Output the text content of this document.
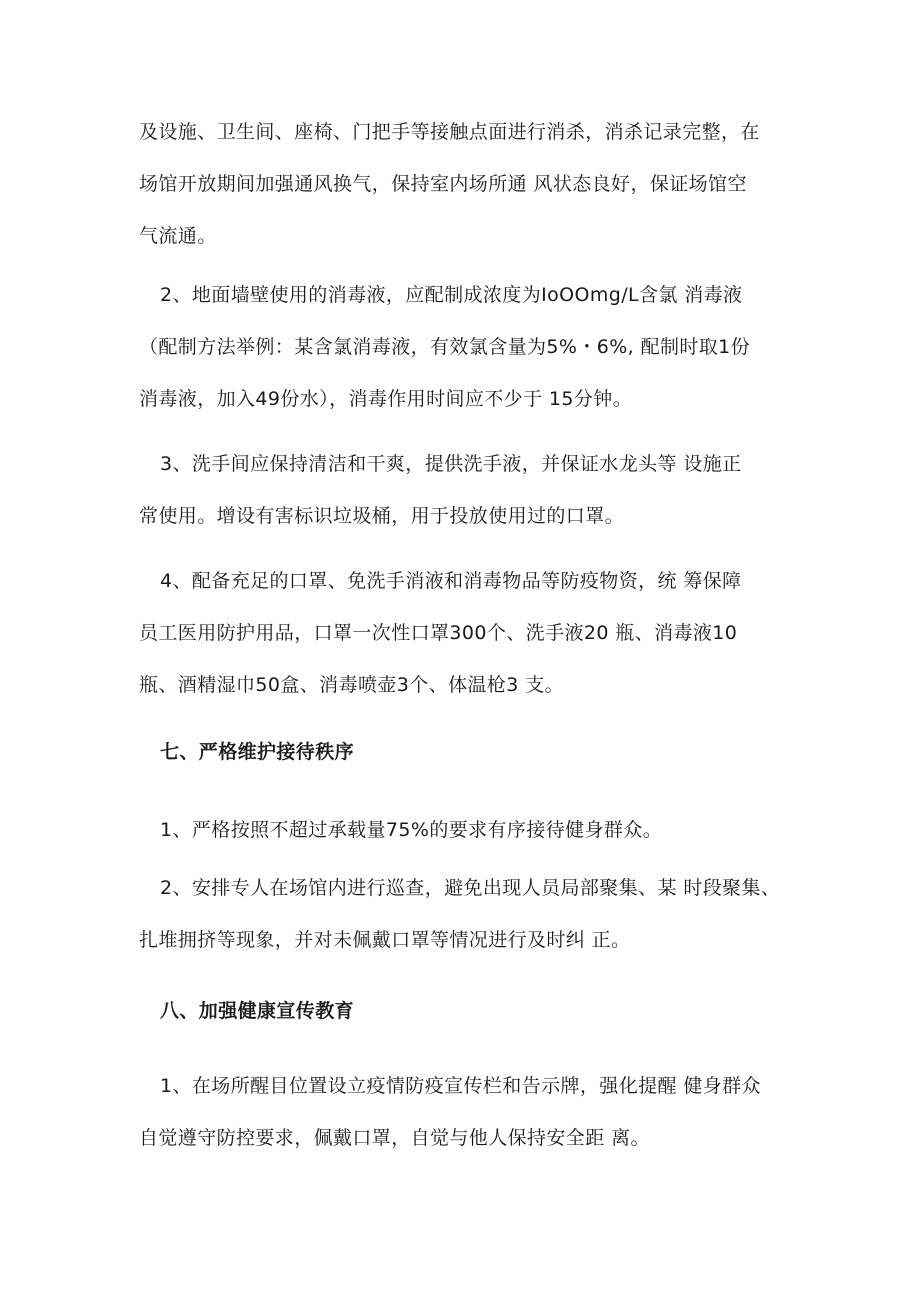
及设施、卫生间、座椅、门把手等接触点面进行消杀，消杀记录完整，在
场馆开放期间加强通风换气，保持室内场所通 风状态良好，保证场馆空
气流通。

2、地面墙壁使用的消毒液，应配制成浓度为IoOOmg/L含氯 消毒液
（配制方法举例：某含氯消毒液，有效氯含量为5%・6%, 配制时取1份
消毒液，加入49份水），消毒作用时间应不少于 15分钟。

3、洗手间应保持清洁和干爽，提供洗手液，并保证水龙头等 设施正
常使用。增设有害标识垃圾桶，用于投放使用过的口罩。

4、配备充足的口罩、免洗手消液和消毒物品等防疫物资，统 筹保障
员工医用防护用品，口罩一次性口罩300个、洗手液20 瓶、消毒液10
瓶、酒精湿巾50盒、消毒喷壶3个、体温枪3 支。

七、严格维护接待秩序

1、严格按照不超过承载量75%的要求有序接待健身群众。

2、安排专人在场馆内进行巡查，避免出现人员局部聚集、某 时段聚集、
扎堆拥挤等现象，并对未佩戴口罩等情况进行及时纠 正。

八、加强健康宣传教育

1、在场所醒目位置设立疫情防疫宣传栏和告示牌，强化提醒 健身群众
自觉遵守防控要求，佩戴口罩，自觉与他人保持安全距 离。
